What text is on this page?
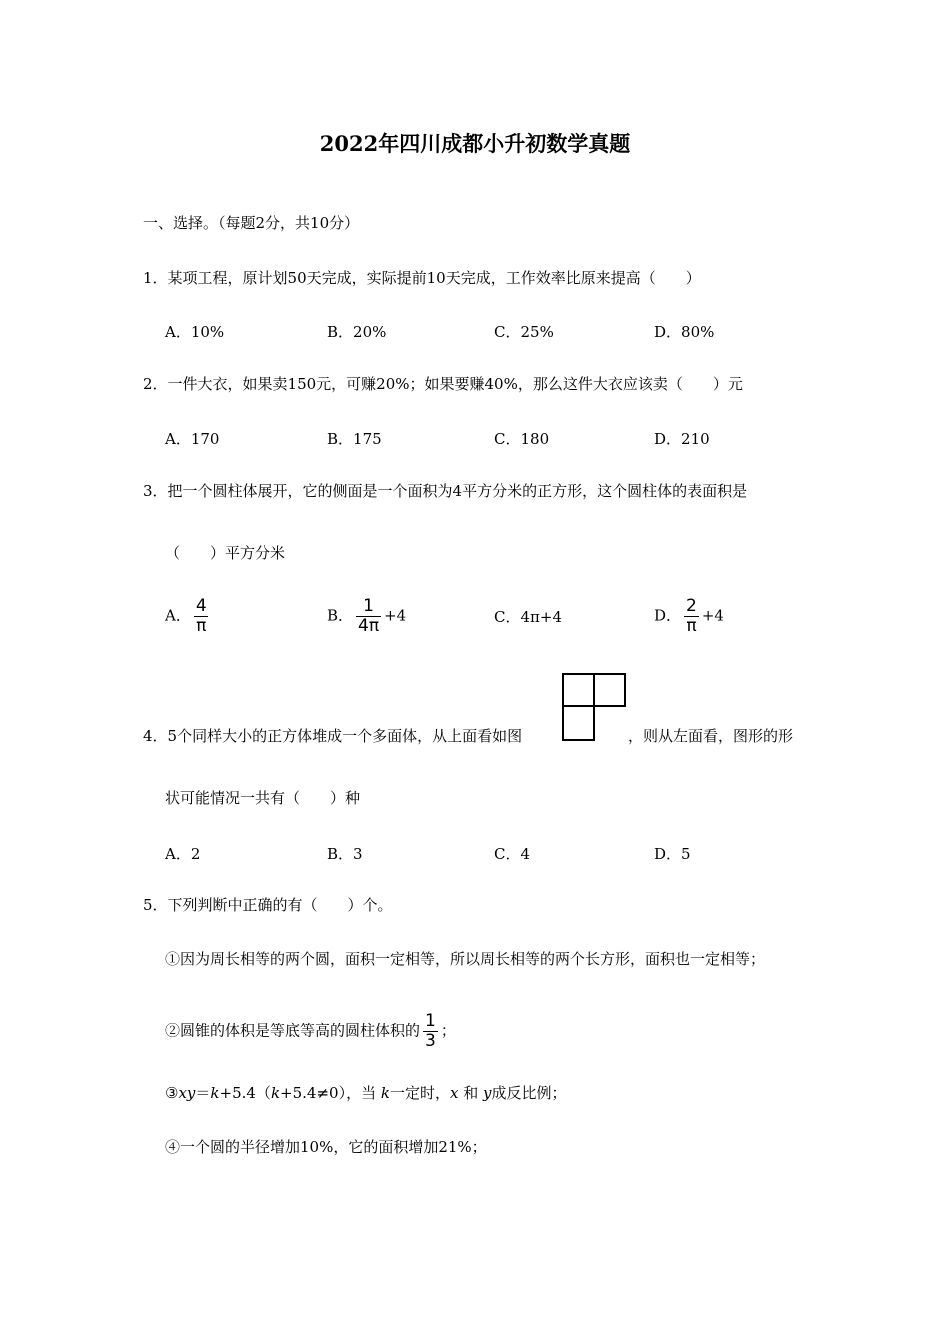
2022年四川成都小升初数学真题
一、选择。（每题2分，共10分）
1．某项工程，原计划50天完成，实际提前10天完成，工作效率比原来提高（　　）
A．10%	B．20%	C．25%	D．80%
2．一件大衣，如果卖150元，可赚20%；如果要赚40%，那么这件大衣应该卖（　　）元
A．170	B．175	C．180	D．210
3．把一个圆柱体展开，它的侧面是一个面积为4平方分米的正方形，这个圆柱体的表面积是
（　　）平方分米
A． $\frac{4}{\pi}$	B． $\frac{1}{4\pi} +4$	C．4π+4	D． $\frac{2}{\pi} +4$
4．5个同样大小的正方体堆成一个多面体，从上面看如图	，则从左面看，图形的形
状可能情况一共有（　　）种
A．2	B．3	C．4	D．5
5．下列判断中正确的有（　　）个。
①因为周长相等的两个圆，面积一定相等，所以周长相等的两个长方形，面积也一定相等；
②圆锥的体积是等底等高的圆柱体积的 $\frac{1}{3}$ ；
③xy＝k+5.4（k+5.4≠0），当 k一定时，x 和 y成反比例；
④一个圆的半径增加10%，它的面积增加21%；
